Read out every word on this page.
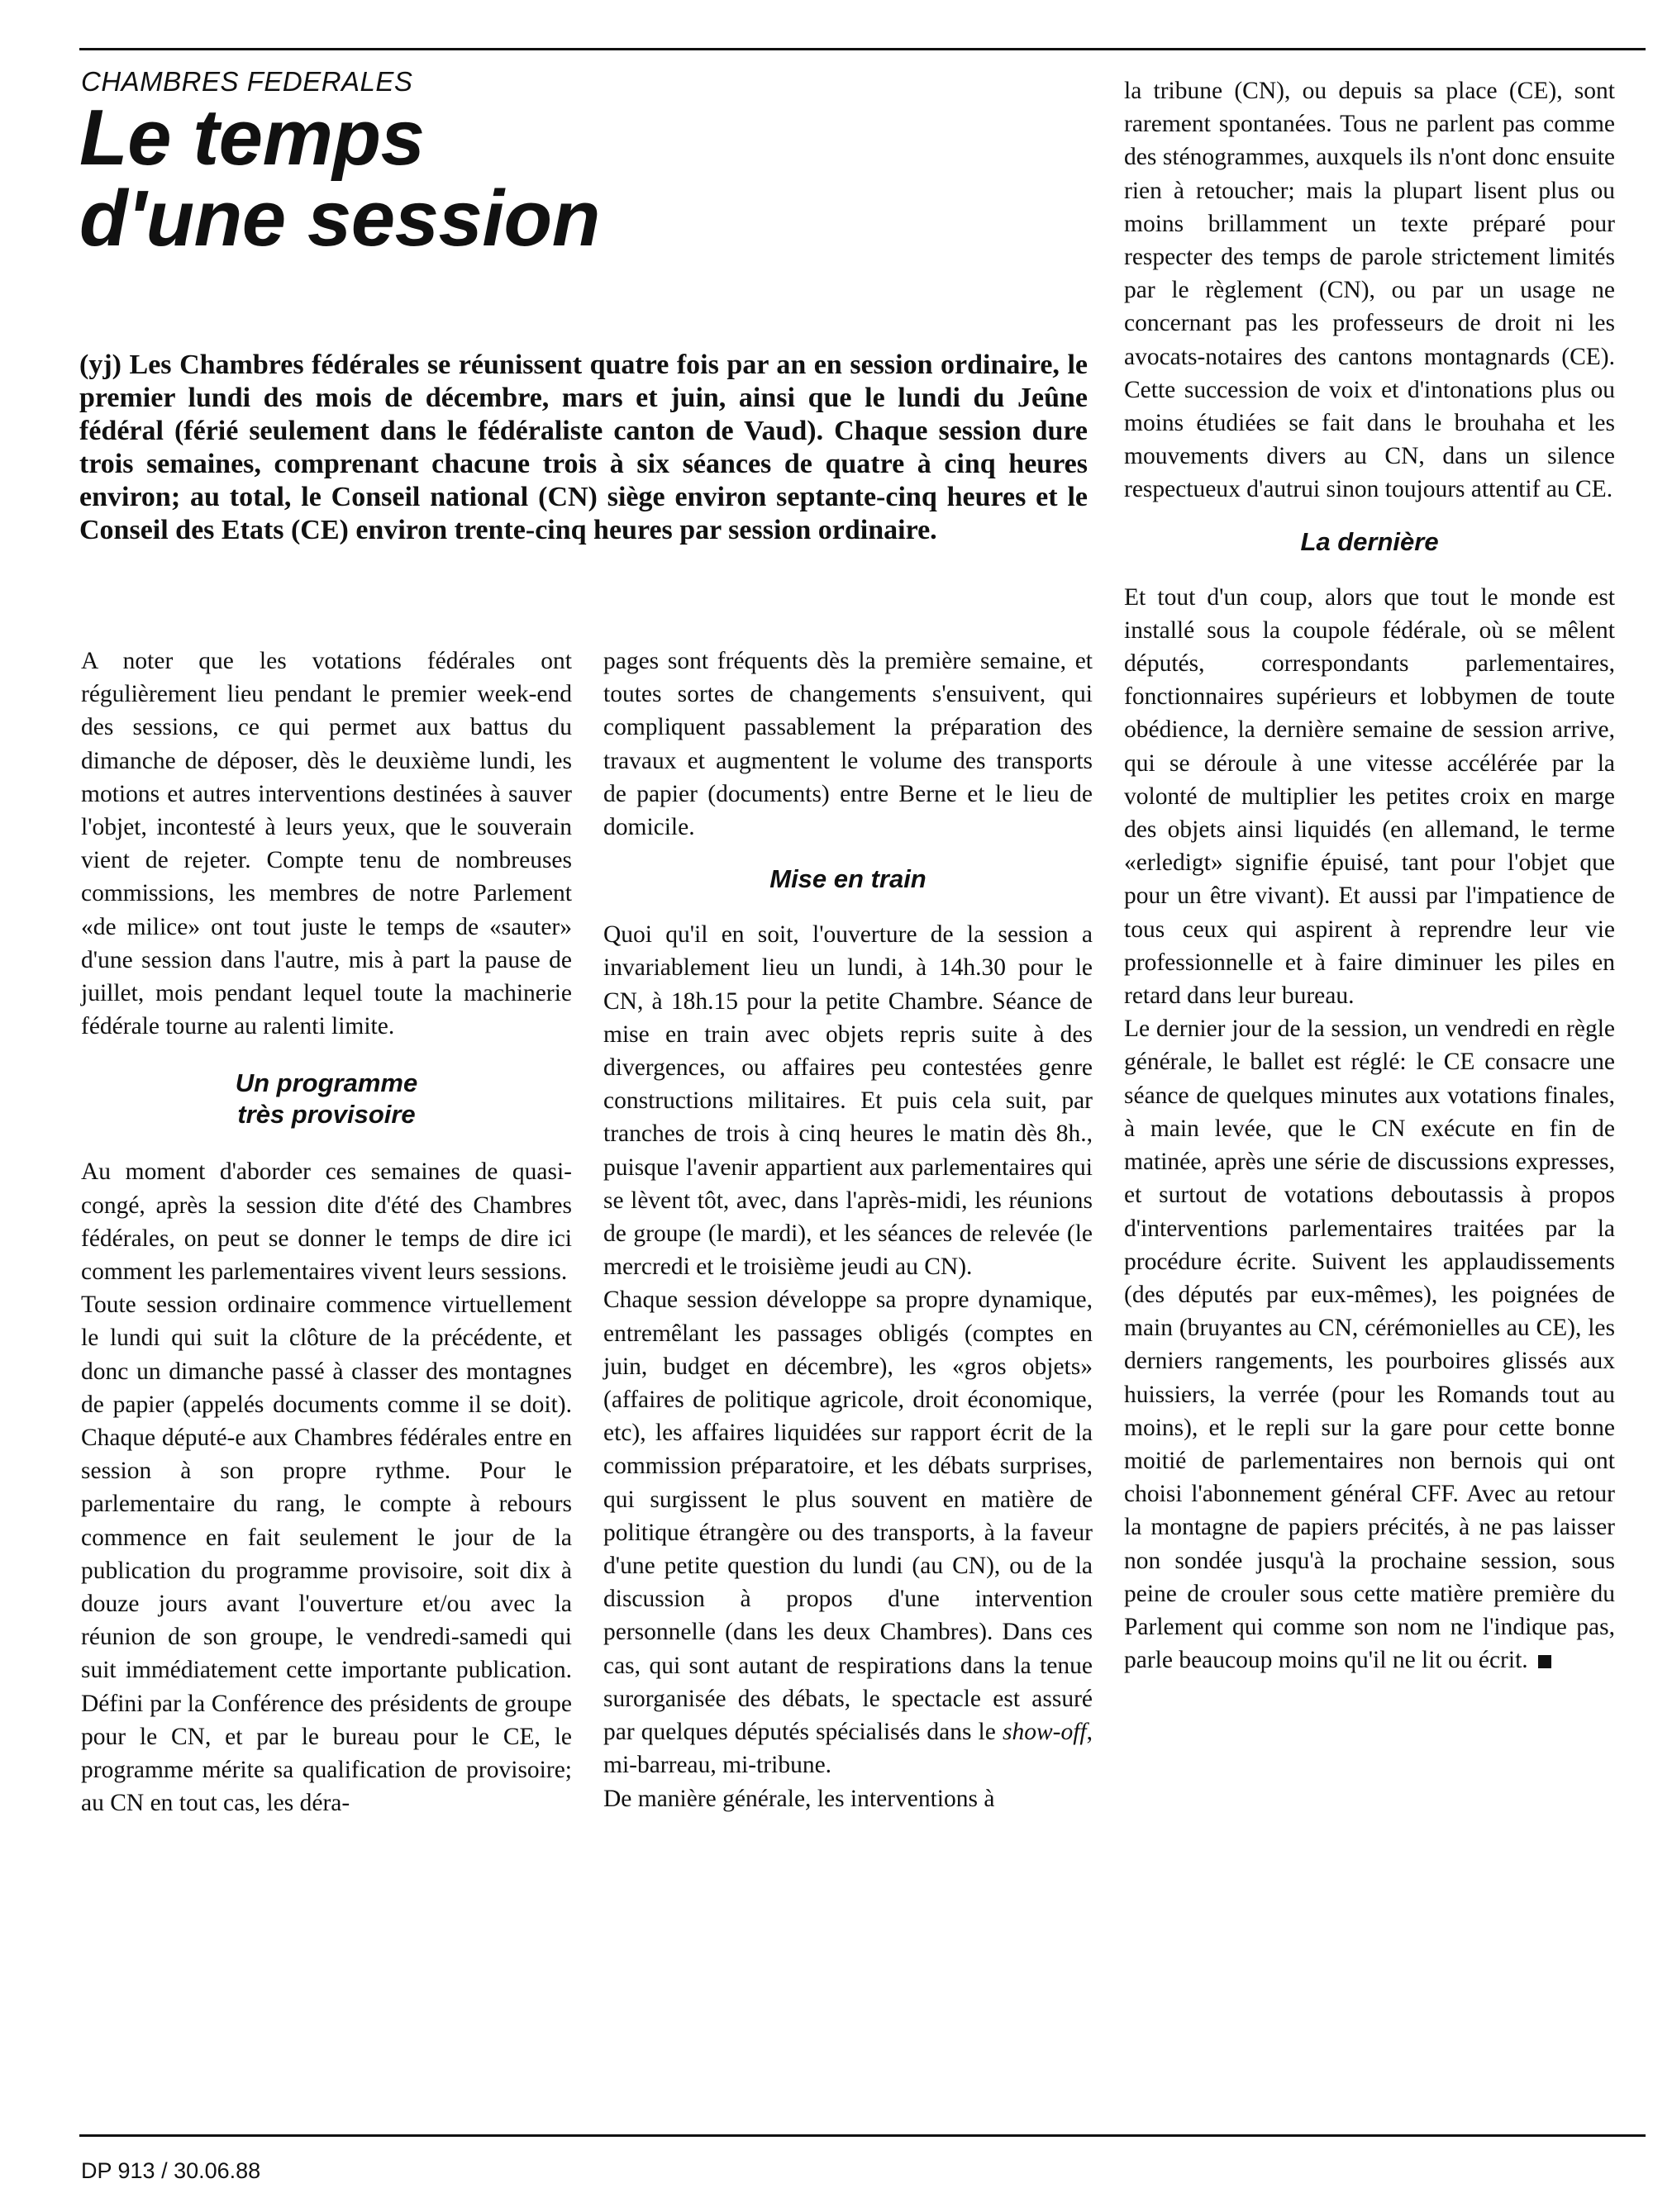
CHAMBRES FEDERALES

Le temps
d'une session

(yj) Les Chambres fédérales se réunissent quatre fois par an en session ordinaire, le premier lundi des mois de décembre, mars et juin, ainsi que le lundi du Jeûne fédéral (férié seulement dans le fédéraliste canton de Vaud). Chaque session dure trois semaines, comprenant chacune trois à six séances de quatre à cinq heures environ; au total, le Conseil national (CN) siège environ septante-cinq heures et le Conseil des Etats (CE) environ trente-cinq heures par session ordinaire.

A noter que les votations fédérales ont régulièrement lieu pendant le premier week-end des sessions, ce qui permet aux battus du dimanche de déposer, dès le deuxième lundi, les motions et autres interventions destinées à sauver l'objet, incontesté à leurs yeux, que le souverain vient de rejeter. Compte tenu de nombreuses commissions, les membres de notre Parlement «de milice» ont tout juste le temps de «sauter» d'une session dans l'autre, mis à part la pause de juillet, mois pendant lequel toute la machinerie fédérale tourne au ralenti limite.

Un programme
très provisoire

Au moment d'aborder ces semaines de quasi-congé, après la session dite d'été des Chambres fédérales, on peut se donner le temps de dire ici comment les parlementaires vivent leurs sessions.

Toute session ordinaire commence virtuellement le lundi qui suit la clôture de la précédente, et donc un dimanche passé à classer des montagnes de papier (appelés documents comme il se doit). Chaque député-e aux Chambres fédérales entre en session à son propre rythme. Pour le parlementaire du rang, le compte à rebours commence en fait seulement le jour de la publication du programme provisoire, soit dix à douze jours avant l'ouverture et/ou avec la réunion de son groupe, le vendredi-samedi qui suit immédiatement cette importante publication. Défini par la Conférence des présidents de groupe pour le CN, et par le bureau pour le CE, le programme mérite sa qualification de provisoire; au CN en tout cas, les déra-

pages sont fréquents dès la première semaine, et toutes sortes de changements s'ensuivent, qui compliquent passablement la préparation des travaux et augmentent le volume des transports de papier (documents) entre Berne et le lieu de domicile.

Mise en train

Quoi qu'il en soit, l'ouverture de la session a invariablement lieu un lundi, à 14h.30 pour le CN, à 18h.15 pour la petite Chambre. Séance de mise en train avec objets repris suite à des divergences, ou affaires peu contestées genre constructions militaires. Et puis cela suit, par tranches de trois à cinq heures le matin dès 8h., puisque l'avenir appartient aux parlementaires qui se lèvent tôt, avec, dans l'après-midi, les réunions de groupe (le mardi), et les séances de relevée (le mercredi et le troisième jeudi au CN).

Chaque session développe sa propre dynamique, entremêlant les passages obligés (comptes en juin, budget en décembre), les «gros objets» (affaires de politique agricole, droit économique, etc), les affaires liquidées sur rapport écrit de la commission préparatoire, et les débats surprises, qui surgissent le plus souvent en matière de politique étrangère ou des transports, à la faveur d'une petite question du lundi (au CN), ou de la discussion à propos d'une intervention personnelle (dans les deux Chambres). Dans ces cas, qui sont autant de respirations dans la tenue surorganisée des débats, le spectacle est assuré par quelques députés spécialisés dans le show-off, mi-barreau, mi-tribune.

De manière générale, les interventions à

la tribune (CN), ou depuis sa place (CE), sont rarement spontanées. Tous ne parlent pas comme des sténogrammes, auxquels ils n'ont donc ensuite rien à retoucher; mais la plupart lisent plus ou moins brillamment un texte préparé pour respecter des temps de parole strictement limités par le règlement (CN), ou par un usage ne concernant pas les professeurs de droit ni les avocats-notaires des cantons montagnards (CE). Cette succession de voix et d'intonations plus ou moins étudiées se fait dans le brouhaha et les mouvements divers au CN, dans un silence respectueux d'autrui sinon toujours attentif au CE.

La dernière

Et tout d'un coup, alors que tout le monde est installé sous la coupole fédérale, où se mêlent députés, correspondants parlementaires, fonctionnaires supérieurs et lobbymen de toute obédience, la dernière semaine de session arrive, qui se déroule à une vitesse accélérée par la volonté de multiplier les petites croix en marge des objets ainsi liquidés (en allemand, le terme «erledigt» signifie épuisé, tant pour l'objet que pour un être vivant). Et aussi par l'impatience de tous ceux qui aspirent à reprendre leur vie professionnelle et à faire diminuer les piles en retard dans leur bureau.

Le dernier jour de la session, un vendredi en règle générale, le ballet est réglé: le CE consacre une séance de quelques minutes aux votations finales, à main levée, que le CN exécute en fin de matinée, après une série de discussions expresses, et surtout de votations deboutassis à propos d'interventions parlementaires traitées par la procédure écrite. Suivent les applaudissements (des députés par eux-mêmes), les poignées de main (bruyantes au CN, cérémonielles au CE), les derniers rangements, les pourboires glissés aux huissiers, la verrée (pour les Romands tout au moins), et le repli sur la gare pour cette bonne moitié de parlementaires non bernois qui ont choisi l'abonnement général CFF. Avec au retour la montagne de papiers précités, à ne pas laisser non sondée jusqu'à la prochaine session, sous peine de crouler sous cette matière première du Parlement qui comme son nom ne l'indique pas, parle beaucoup moins qu'il ne lit ou écrit.

DP 913 / 30.06.88
